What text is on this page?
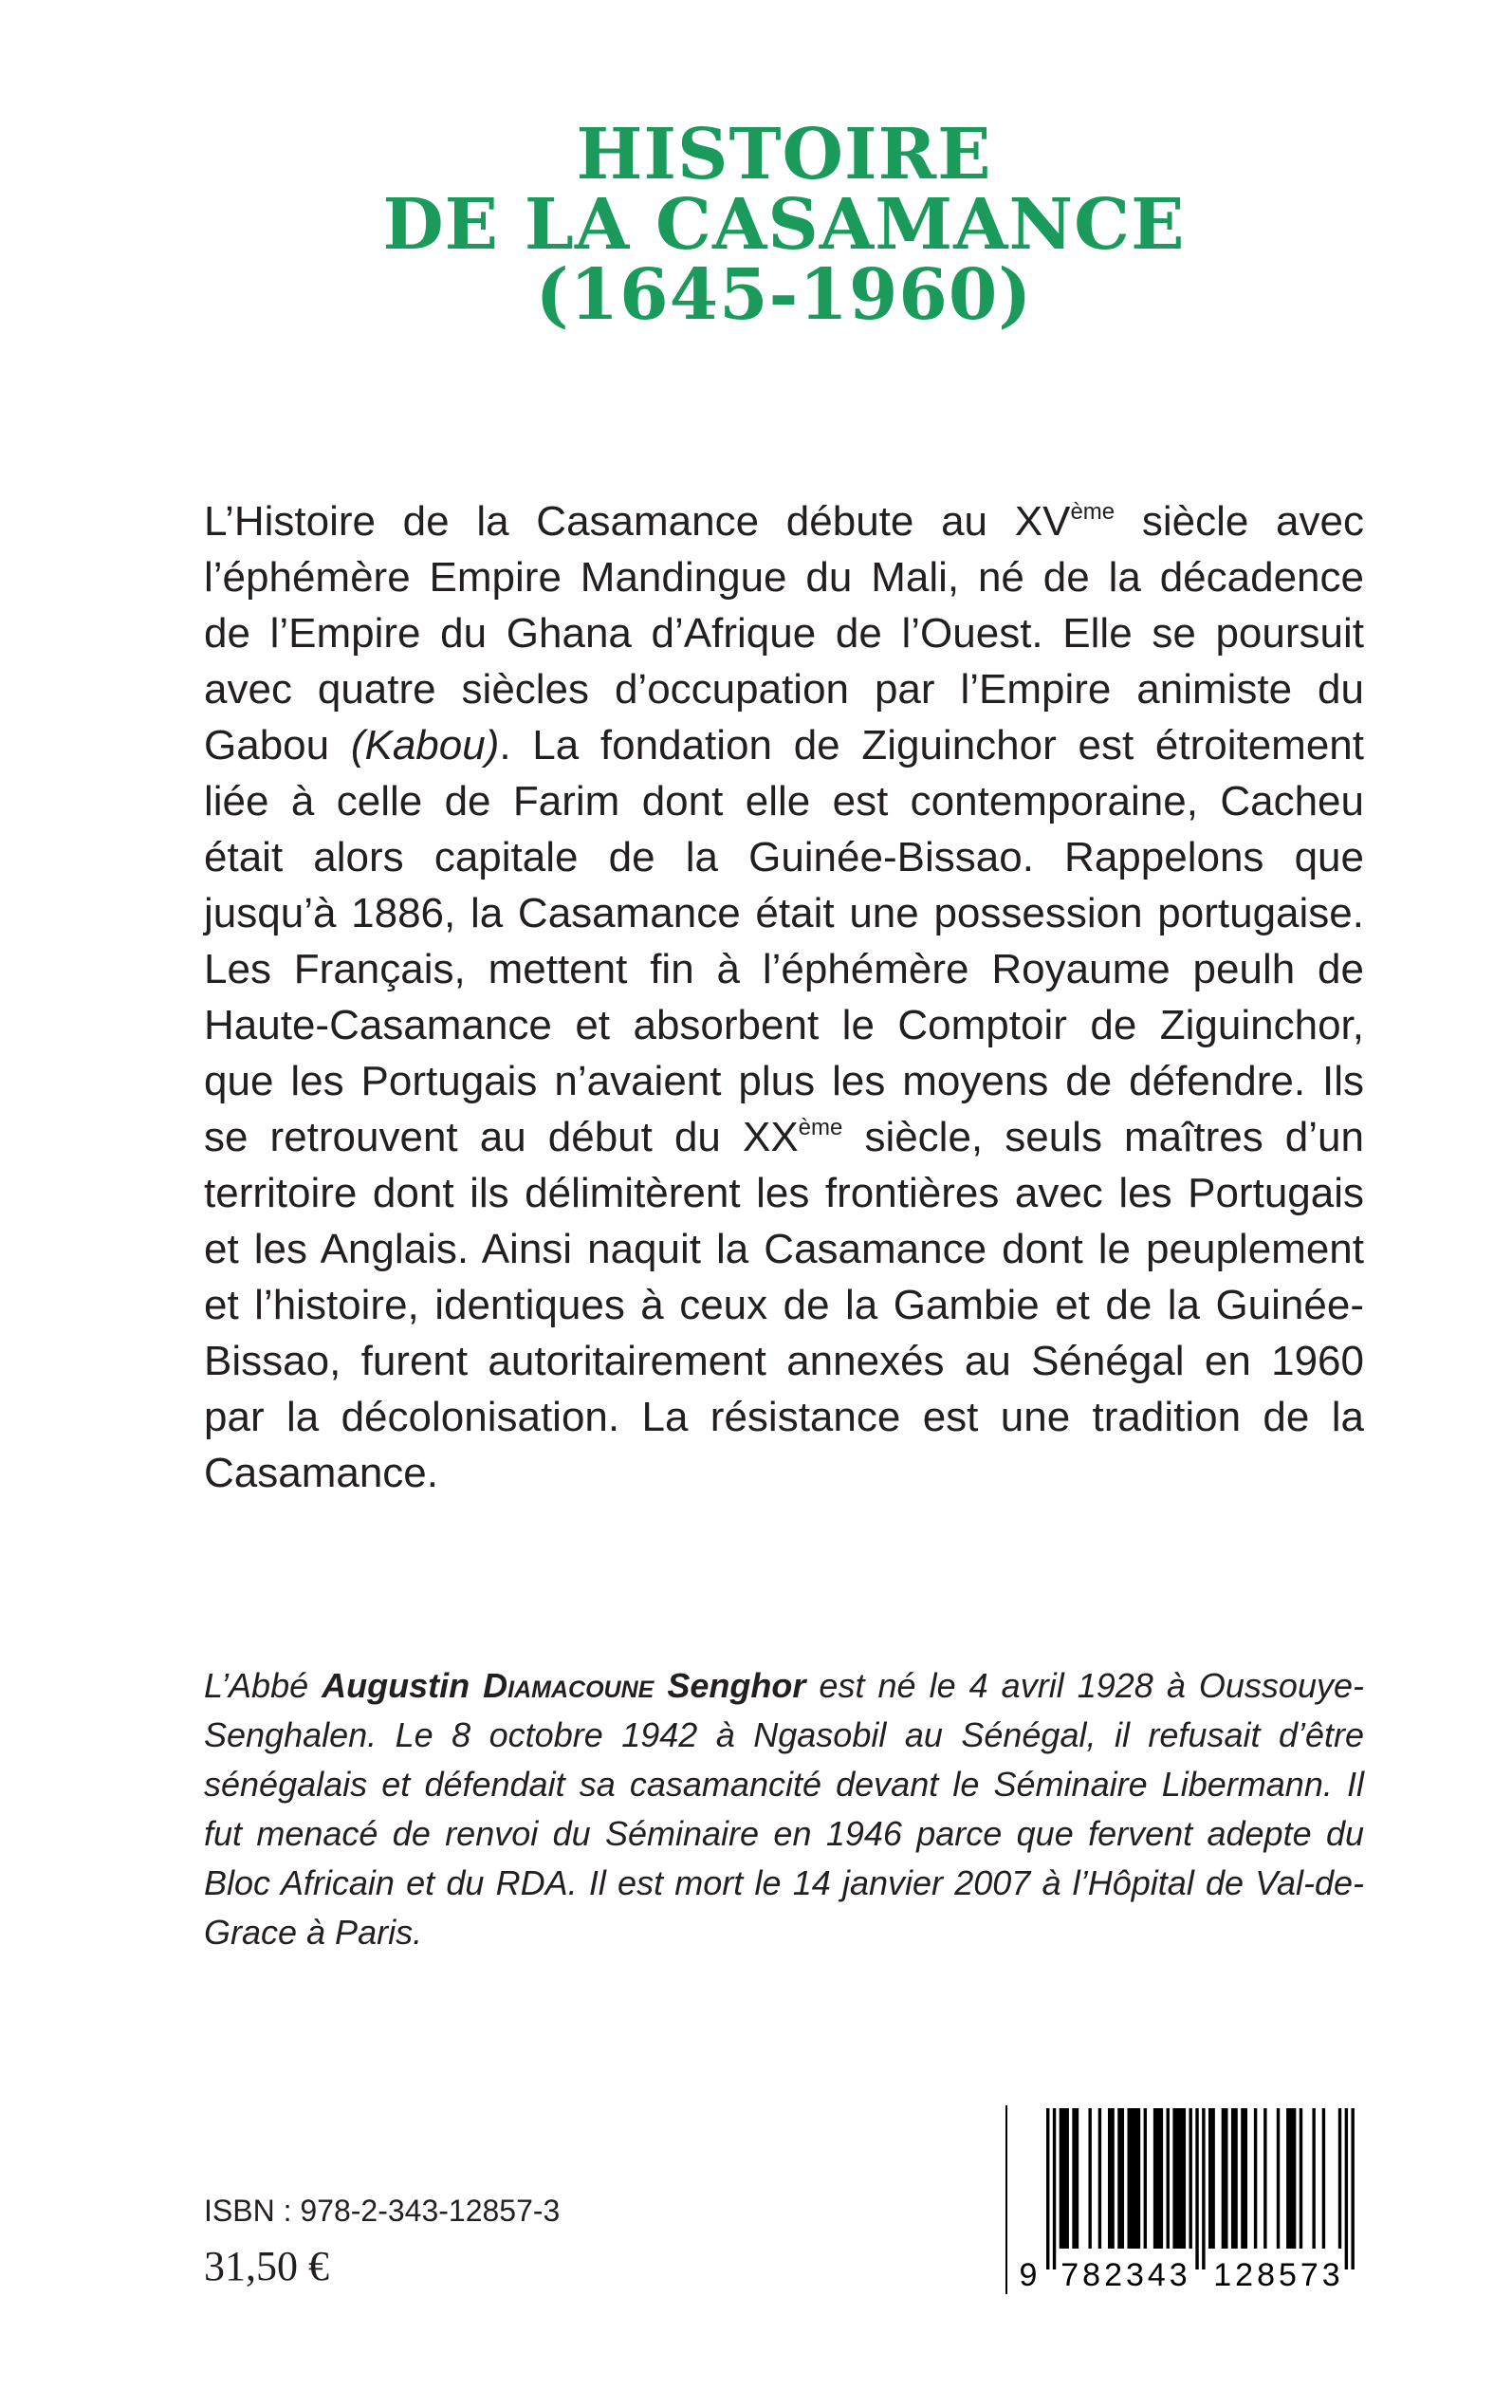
HISTOIRE
DE LA CASAMANCE
(1645-1960)
L’Histoire de la Casamance débute au XVème siècle avec
l’éphémère Empire Mandingue du Mali, né de la décadence
de l’Empire du Ghana d’Afrique de l’Ouest. Elle se poursuit
avec quatre siècles d’occupation par l’Empire animiste du
Gabou (Kabou). La fondation de Ziguinchor est étroitement
liée à celle de Farim dont elle est contemporaine, Cacheu
était alors capitale de la Guinée-Bissao. Rappelons que
jusqu’à 1886, la Casamance était une possession portugaise.
Les Français, mettent fin à l’éphémère Royaume peulh de
Haute-Casamance et absorbent le Comptoir de Ziguinchor,
que les Portugais n’avaient plus les moyens de défendre. Ils
se retrouvent au début du XXème siècle, seuls maîtres d’un
territoire dont ils délimitèrent les frontières avec les Portugais
et les Anglais. Ainsi naquit la Casamance dont le peuplement
et l’histoire, identiques à ceux de la Gambie et de la Guinée-
Bissao, furent autoritairement annexés au Sénégal en 1960
par la décolonisation. La résistance est une tradition de la
Casamance.
L’Abbé Augustin Diamacoune Senghor est né le 4 avril 1928 à Oussouye-
Senghalen. Le 8 octobre 1942 à Ngasobil au Sénégal, il refusait d’être
sénégalais et défendait sa casamancité devant le Séminaire Libermann. Il
fut menacé de renvoi du Séminaire en 1946 parce que fervent adepte du
Bloc Africain et du RDA. Il est mort le 14 janvier 2007 à l’Hôpital de Val-de-
Grace à Paris.
ISBN : 978-2-343-12857-3
31,50 €	9 782343 128573
